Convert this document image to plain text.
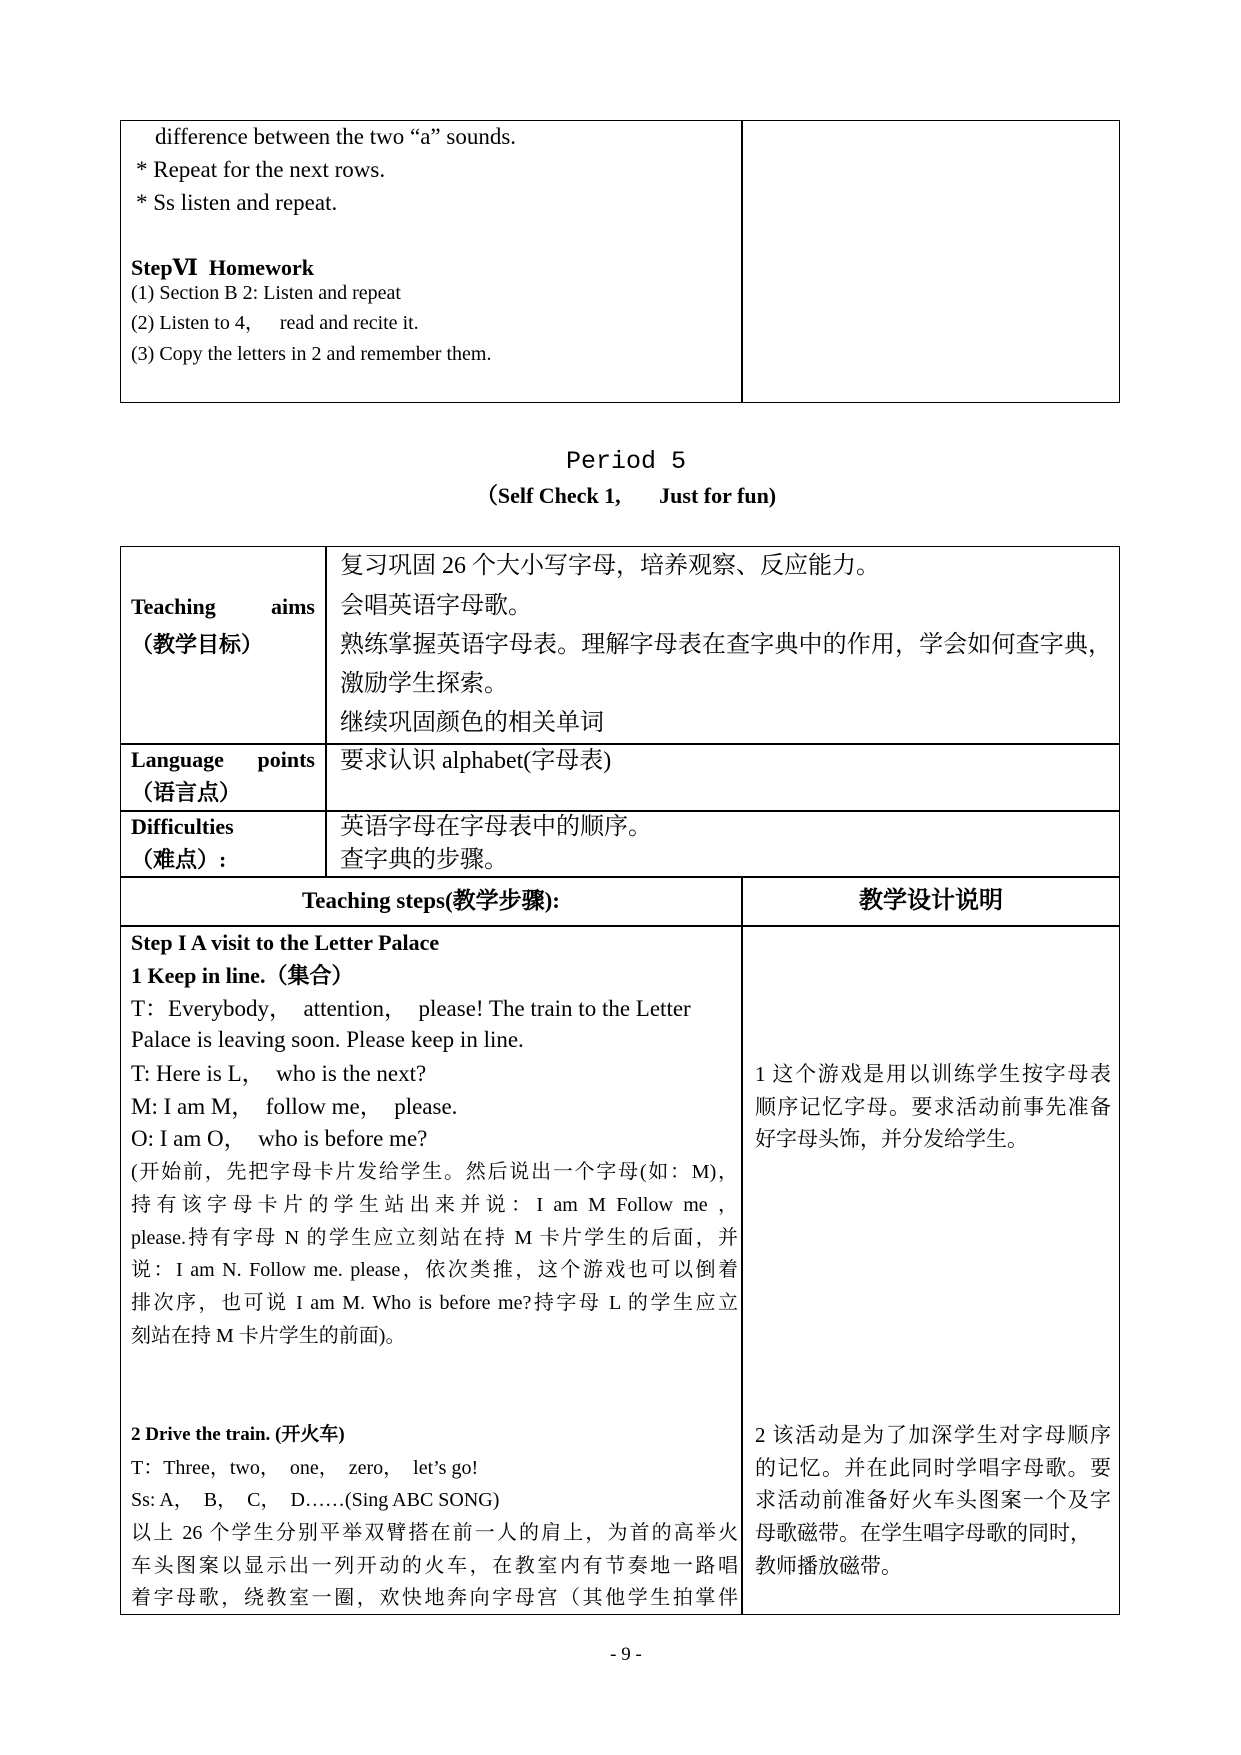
difference between the two “a” sounds.
* Repeat for the next rows.
* Ss listen and repeat.
StepⅥ  Homework
(1) Section B 2: Listen and repeat
(2) Listen to 4，   read and recite it.
(3) Copy the letters in 2 and remember them.
Period 5
（Self Check 1,       Just for fun)
Teaching aims
（教学目标）
复习巩固 26 个大小写字母，培养观察、反应能力。
会唱英语字母歌。
熟练掌握英语字母表。理解字母表在查字典中的作用，学会如何查字典，
激励学生探索。
继续巩固颜色的相关单词
Language points
（语言点）
要求认识 alphabet(字母表)
Difficulties
（难点）:
英语字母在字母表中的顺序。
查字典的步骤。
Teaching steps(教学步骤):	教学设计说明
Step I A visit to the Letter Palace
1 Keep in line.（集合）
T：Everybody，  attention，  please! The train to the Letter
Palace is leaving soon. Please keep in line.
T: Here is L，  who is the next?
M: I am M，  follow me，  please.
O: I am O，  who is before me?
(开始前，先把字母卡片发给学生。然后说出一个字母(如：M)，
持有该字母卡片的学生站出来并说：I am M Follow me ，
please.持有字母 N 的学生应立刻站在持 M 卡片学生的后面，并
说：I am N. Follow me. please，依次类推，这个游戏也可以倒着
排次序，也可说 I am M. Who is before me?持字母 L 的学生应立
刻站在持 M 卡片学生的前面)。
2 Drive the train. (开火车)
T：Three，two，  one，  zero，  let’s go!
Ss: A，  B，  C，  D……(Sing ABC SONG)
以上 26 个学生分别平举双臂搭在前一人的肩上，为首的高举火
车头图案以显示出一列开动的火车，在教室内有节奏地一路唱
着字母歌，绕教室一圈，欢快地奔向字母宫（其他学生拍掌伴
1 这个游戏是用以训练学生按字母表
顺序记忆字母。要求活动前事先准备
好字母头饰，并分发给学生。
2 该活动是为了加深学生对字母顺序
的记忆。并在此同时学唱字母歌。要
求活动前准备好火车头图案一个及字
母歌磁带。在学生唱字母歌的同时，
教师播放磁带。
- 9 -
